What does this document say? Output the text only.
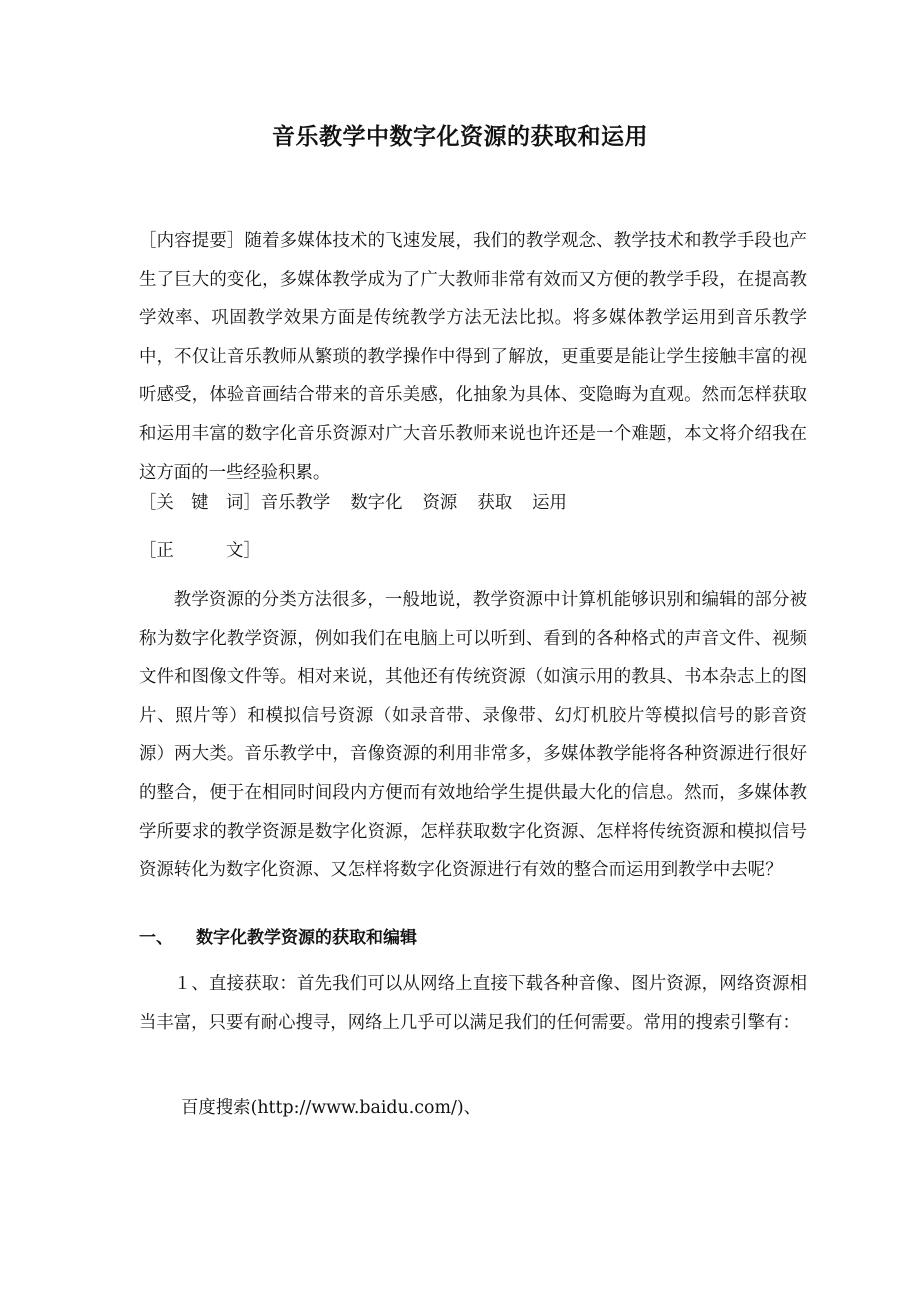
音乐教学中数字化资源的获取和运用

［内容提要］随着多媒体技术的飞速发展，我们的教学观念、教学技术和教学手段也产生了巨大的变化，多媒体教学成为了广大教师非常有效而又方便的教学手段，在提高教学效率、巩固教学效果方面是传统教学方法无法比拟。将多媒体教学运用到音乐教学中，不仅让音乐教师从繁琐的教学操作中得到了解放，更重要是能让学生接触丰富的视听感受，体验音画结合带来的音乐美感，化抽象为具体、变隐晦为直观。然而怎样获取和运用丰富的数字化音乐资源对广大音乐教师来说也许还是一个难题，本文将介绍我在这方面的一些经验积累。

［关　键　词］音乐教学 数字化 资源 获取 运用
［正　　　文］

教学资源的分类方法很多，一般地说，教学资源中计算机能够识别和编辑的部分被称为数字化教学资源，例如我们在电脑上可以听到、看到的各种格式的声音文件、视频文件和图像文件等。相对来说，其他还有传统资源（如演示用的教具、书本杂志上的图片、照片等）和模拟信号资源（如录音带、录像带、幻灯机胶片等模拟信号的影音资源）两大类。音乐教学中，音像资源的利用非常多，多媒体教学能将各种资源进行很好的整合，便于在相同时间段内方便而有效地给学生提供最大化的信息。然而，多媒体教学所要求的教学资源是数字化资源，怎样获取数字化资源、怎样将传统资源和模拟信号资源转化为数字化资源、又怎样将数字化资源进行有效的整合而运用到教学中去呢？

一、 数字化教学资源的获取和编辑

１、直接获取：首先我们可以从网络上直接下载各种音像、图片资源，网络资源相当丰富，只要有耐心搜寻，网络上几乎可以满足我们的任何需要。常用的搜索引擎有：

百度搜索(http://www.baidu.com/)、
